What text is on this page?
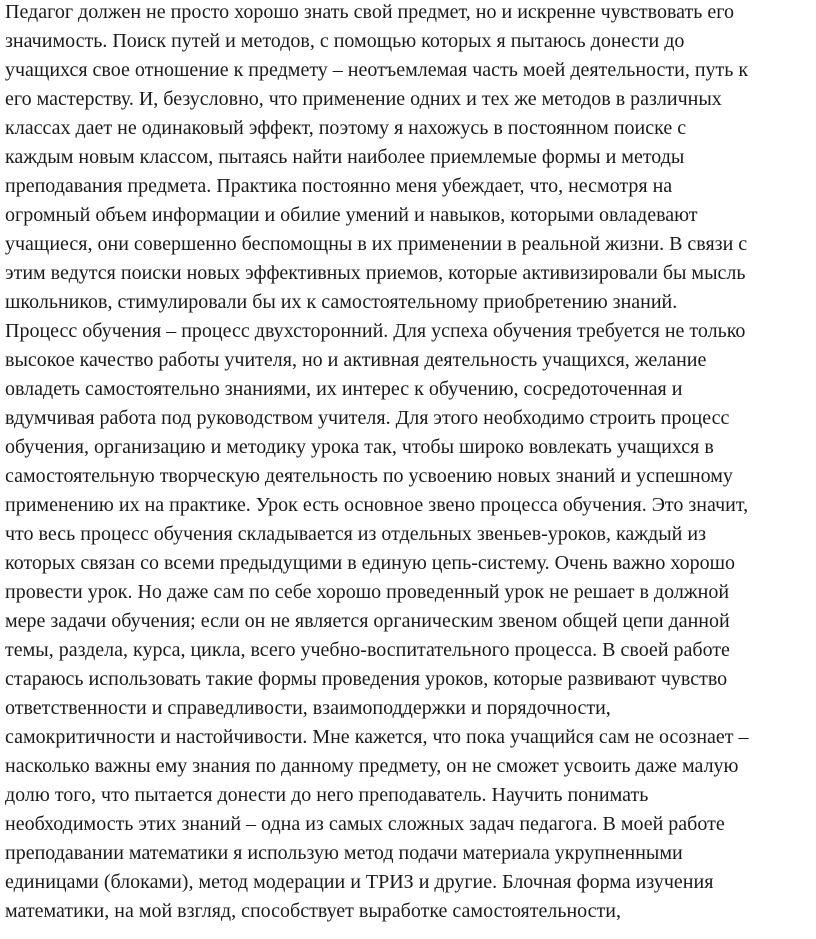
Педагог должен не просто хорошо знать свой предмет, но и искренне чувствовать его
значимость. Поиск путей и методов, с помощью которых я пытаюсь донести до
учащихся свое отношение к предмету – неотъемлемая часть моей деятельности, путь к
его мастерству. И, безусловно, что применение одних и тех же методов в различных
классах дает не одинаковый эффект, поэтому я нахожусь в постоянном поиске с
каждым новым классом, пытаясь найти наиболее приемлемые формы и методы
преподавания предмета. Практика постоянно меня убеждает, что, несмотря на
огромный объем информации и обилие умений и навыков, которыми овладевают
учащиеся, они совершенно беспомощны в их применении в реальной жизни. В связи с
этим ведутся поиски новых эффективных приемов, которые активизировали бы мысль
школьников, стимулировали бы их к самостоятельному приобретению знаний.
Процесс обучения – процесс двухсторонний. Для успеха обучения требуется не только
высокое качество работы учителя, но и активная деятельность учащихся, желание
овладеть самостоятельно знаниями, их интерес к обучению, сосредоточенная и
вдумчивая работа под руководством учителя. Для этого необходимо строить процесс
обучения, организацию и методику урока так, чтобы широко вовлекать учащихся в
самостоятельную творческую деятельность по усвоению новых знаний и успешному
применению их на практике. Урок есть основное звено процесса обучения. Это значит,
что весь процесс обучения складывается из отдельных звеньев-уроков, каждый из
которых связан со всеми предыдущими в единую цепь-систему. Очень важно хорошо
провести урок. Но даже сам по себе хорошо проведенный урок не решает в должной
мере задачи обучения; если он не является органическим звеном общей цепи данной
темы, раздела, курса, цикла, всего учебно-воспитательного процесса. В своей работе
стараюсь использовать такие формы проведения уроков, которые развивают чувство
ответственности и справедливости, взаимоподдержки и порядочности,
самокритичности и настойчивости. Мне кажется, что пока учащийся сам не осознает –
насколько важны ему знания по данному предмету, он не сможет усвоить даже малую
долю того, что пытается донести до него преподаватель. Научить понимать
необходимость этих знаний – одна из самых сложных задач педагога. В моей работе
преподавании математики я использую метод подачи материала укрупненными
единицами (блоками), метод модерации и ТРИЗ и другие. Блочная форма изучения
математики, на мой взгляд, способствует выработке самостоятельности,
